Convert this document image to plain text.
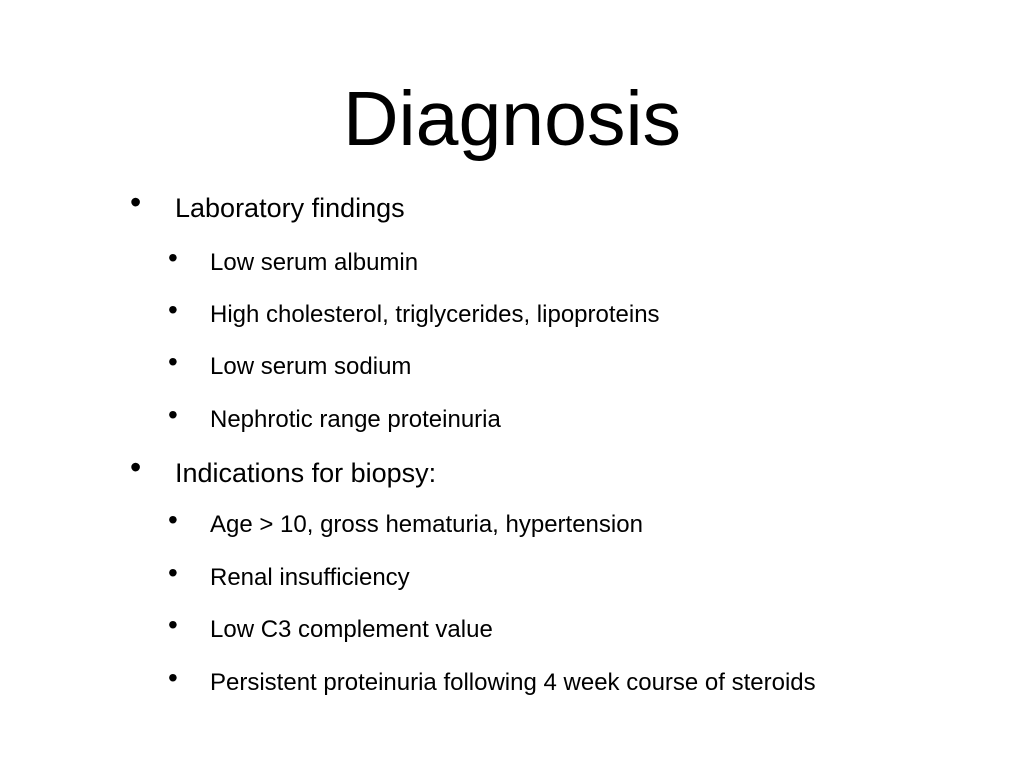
Diagnosis
• Laboratory findings
• Low serum albumin
• High cholesterol, triglycerides, lipoproteins
• Low serum sodium
• Nephrotic range proteinuria
• Indications for biopsy:
• Age > 10, gross hematuria, hypertension
• Renal insufficiency
• Low C3 complement value
• Persistent proteinuria following 4 week course of steroids
